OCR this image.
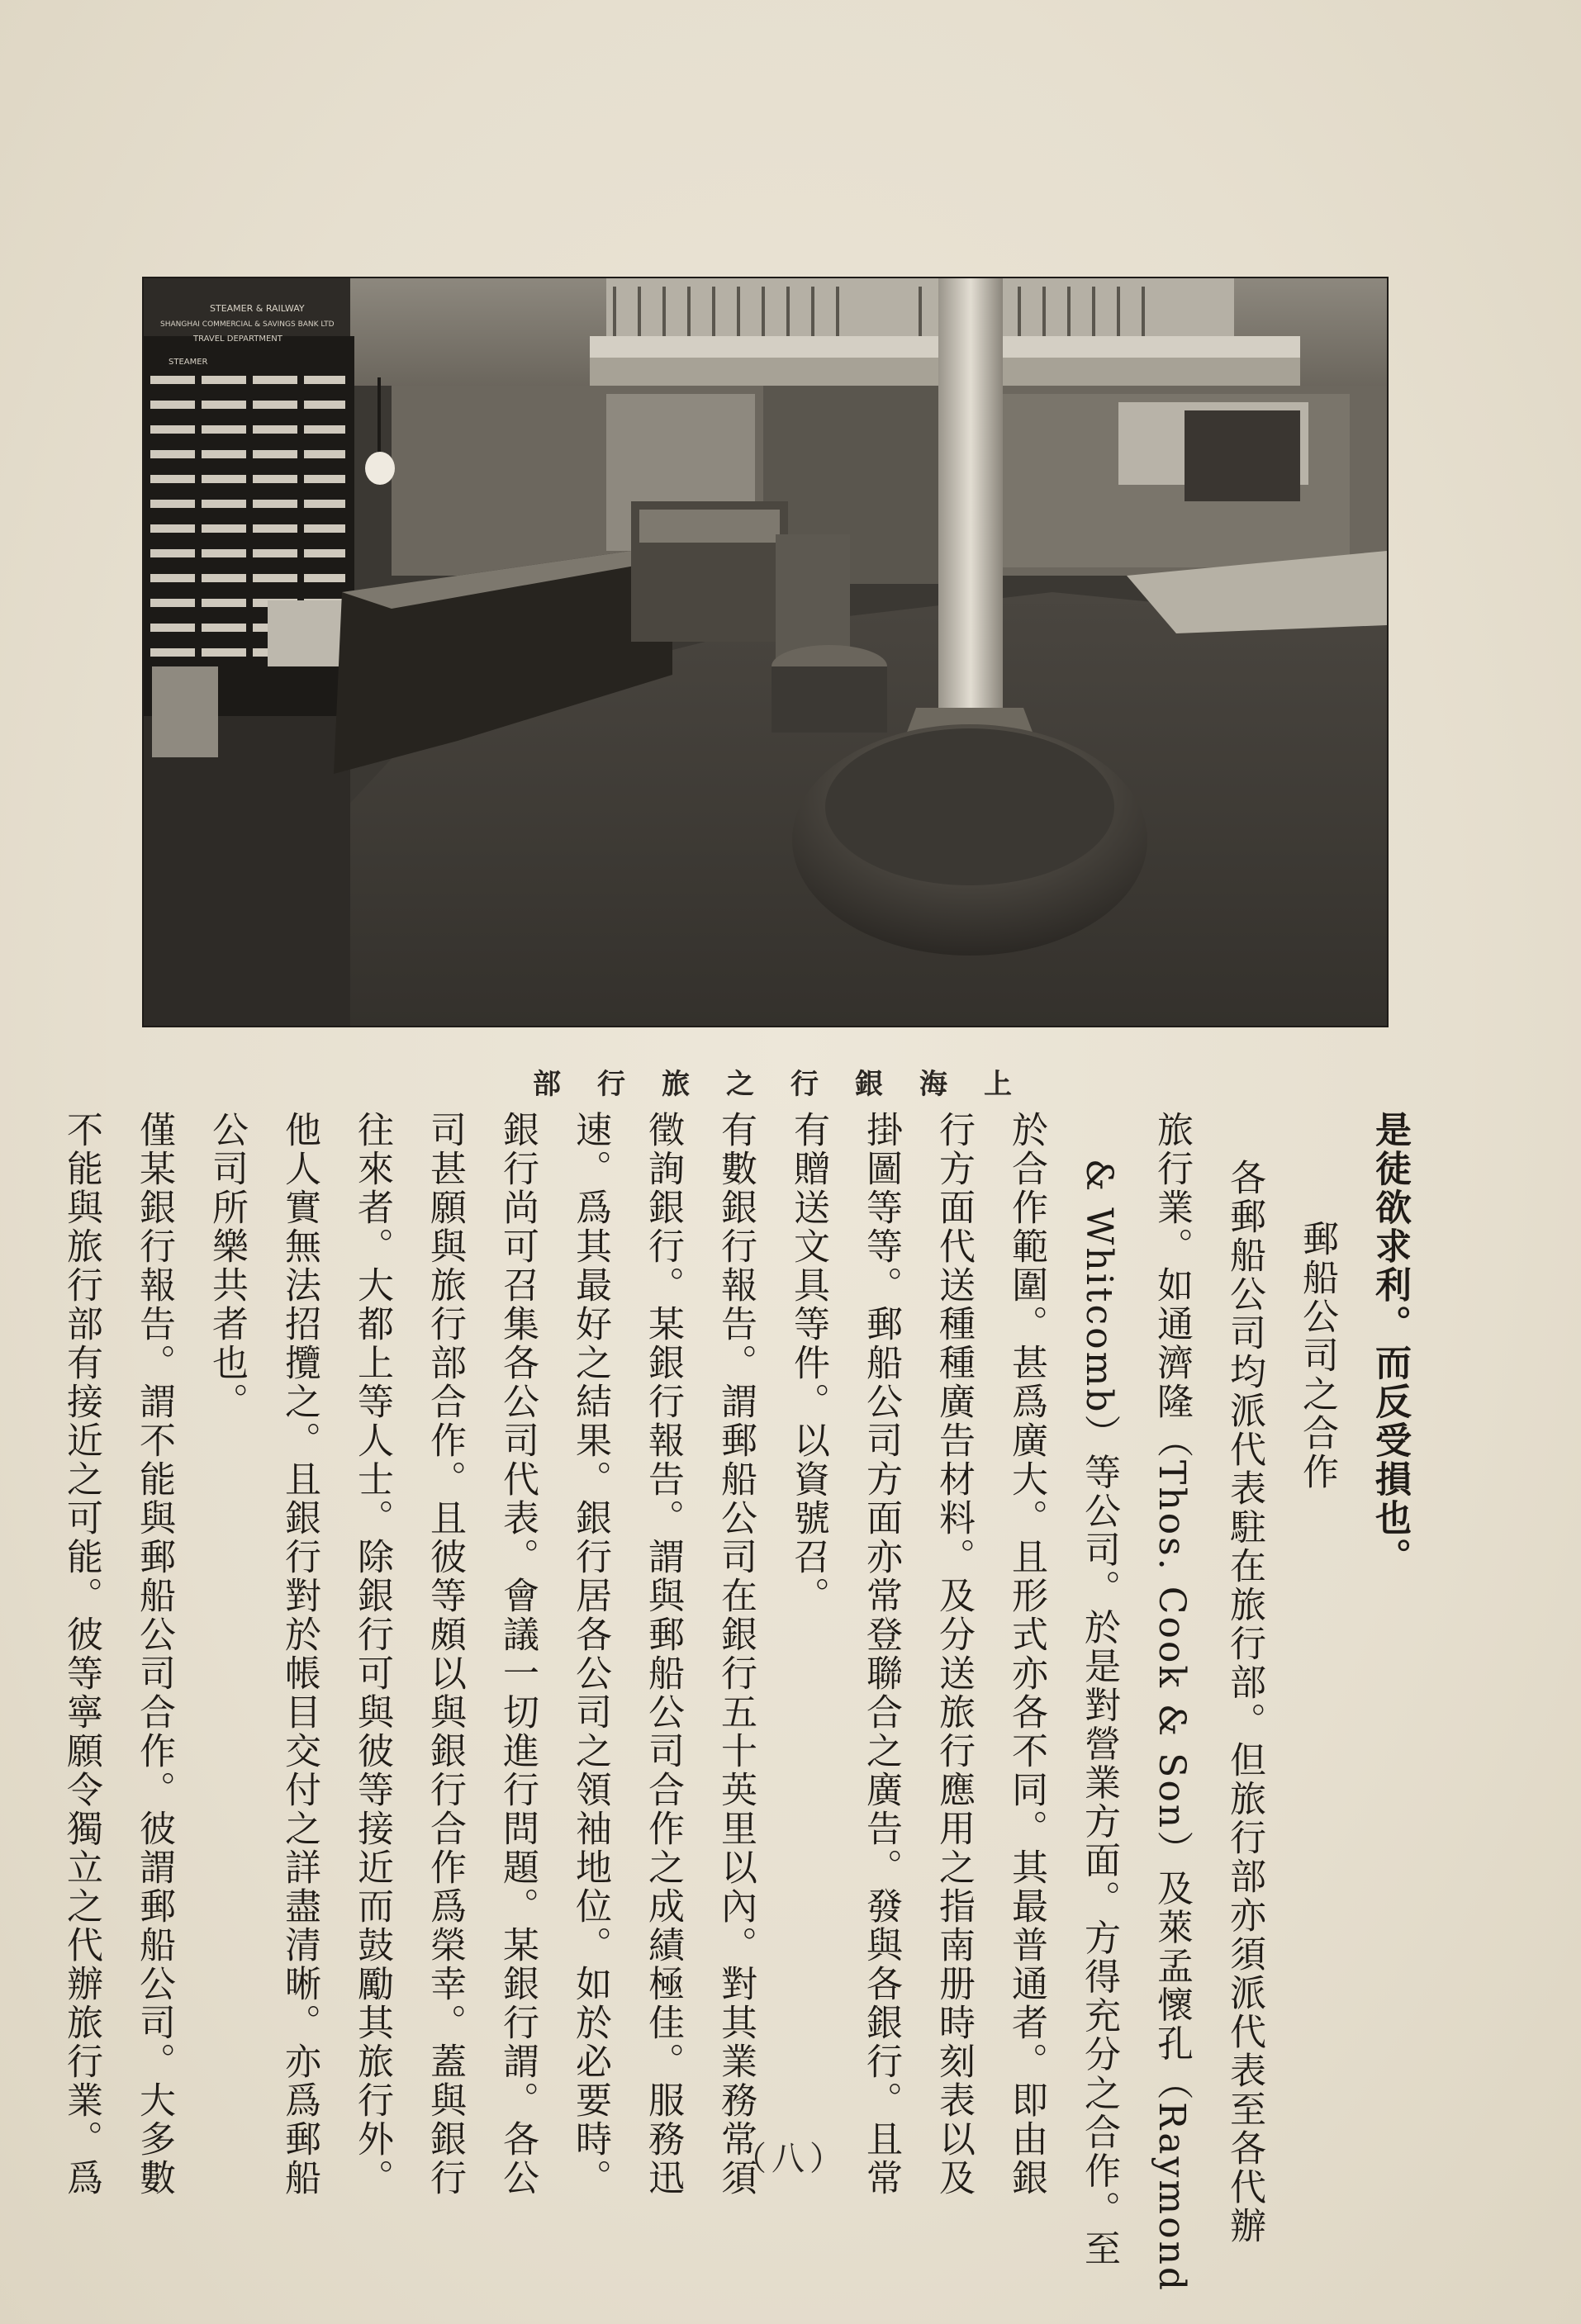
STEAMER & RAILWAY
SHANGHAI COMMERCIAL & SAVINGS BANK LTD
TRAVEL DEPARTMENT
STEAMER
上海銀行之旅行部
是徒欲求利。而反受損也。
郵船公司之合作
各郵船公司均派代表駐在旅行部。但旅行部亦須派代表至各代辦
旅行業。如通濟隆（Thos. Cook & Son）及萊孟懷孔（Raymond
& Whitcomb）等公司。於是對營業方面。方得充分之合作。至
於合作範圍。甚爲廣大。且形式亦各不同。其最普通者。即由銀
行方面代送種種廣告材料。及分送旅行應用之指南册時刻表以及
掛圖等等。郵船公司方面亦常登聯合之廣告。發與各銀行。且常
有贈送文具等件。以資號召。
有數銀行報告。謂郵船公司在銀行五十英里以內。對其業務常須
徵詢銀行。某銀行報告。謂與郵船公司合作之成績極佳。服務迅
速。爲其最好之結果。銀行居各公司之領袖地位。如於必要時。
銀行尚可召集各公司代表。會議一切進行問題。某銀行謂。各公
司甚願與旅行部合作。且彼等頗以與銀行合作爲榮幸。蓋與銀行
往來者。大都上等人士。除銀行可與彼等接近而鼓勵其旅行外。
他人實無法招攬之。且銀行對於帳目交付之詳盡清晰。亦爲郵船
公司所樂共者也。
僅某銀行報告。謂不能與郵船公司合作。彼謂郵船公司。大多數
不能與旅行部有接近之可能。彼等寧願令獨立之代辦旅行業。爲	（八）
